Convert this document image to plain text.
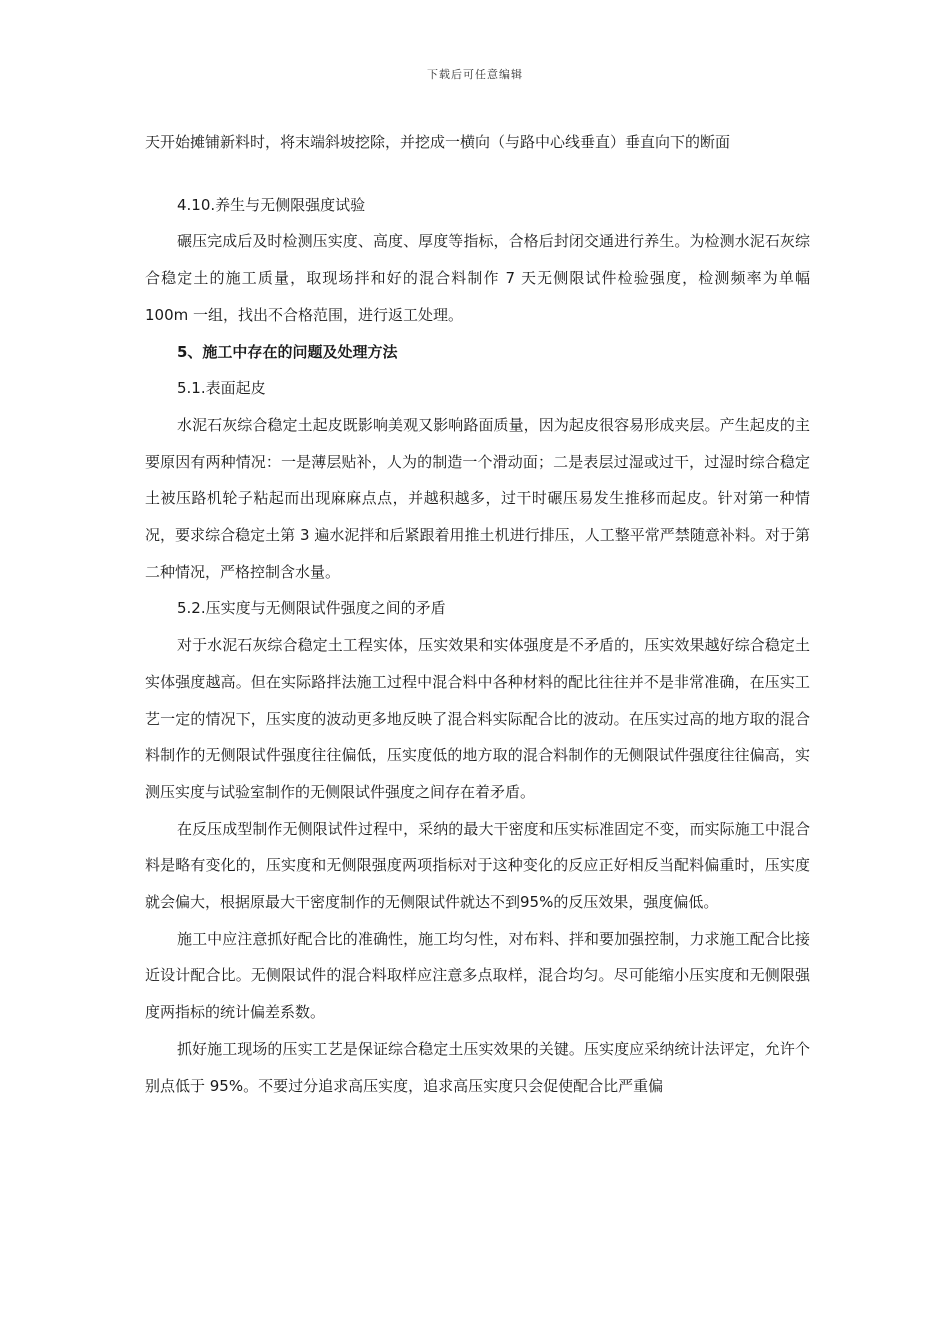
下载后可任意编辑

天开始摊铺新料时，将末端斜坡挖除，并挖成一横向（与路中心线垂直）垂直向下的断面

4.10.养生与无侧限强度试验

碾压完成后及时检测压实度、高度、厚度等指标，合格后封闭交通进行养生。为检测水泥石灰综合稳定土的施工质量，取现场拌和好的混合料制作 7 天无侧限试件检验强度，检测频率为单幅 100m 一组，找出不合格范围，进行返工处理。

5、施工中存在的问题及处理方法

5.1.表面起皮

水泥石灰综合稳定土起皮既影响美观又影响路面质量，因为起皮很容易形成夹层。产生起皮的主要原因有两种情况：一是薄层贴补，人为的制造一个滑动面；二是表层过湿或过干，过湿时综合稳定土被压路机轮子粘起而出现麻麻点点，并越积越多，过干时碾压易发生推移而起皮。针对第一种情况，要求综合稳定土第 3 遍水泥拌和后紧跟着用推土机进行排压，人工整平常严禁随意补料。对于第二种情况，严格控制含水量。

5.2.压实度与无侧限试件强度之间的矛盾

对于水泥石灰综合稳定土工程实体，压实效果和实体强度是不矛盾的，压实效果越好综合稳定土实体强度越高。但在实际路拌法施工过程中混合料中各种材料的配比往往并不是非常准确，在压实工艺一定的情况下，压实度的波动更多地反映了混合料实际配合比的波动。在压实过高的地方取的混合料制作的无侧限试件强度往往偏低，压实度低的地方取的混合料制作的无侧限试件强度往往偏高，实测压实度与试验室制作的无侧限试件强度之间存在着矛盾。

在反压成型制作无侧限试件过程中，采纳的最大干密度和压实标准固定不变，而实际施工中混合料是略有变化的，压实度和无侧限强度两项指标对于这种变化的反应正好相反当配料偏重时，压实度就会偏大，根据原最大干密度制作的无侧限试件就达不到95%的反压效果，强度偏低。

施工中应注意抓好配合比的准确性，施工均匀性，对布料、拌和要加强控制，力求施工配合比接近设计配合比。无侧限试件的混合料取样应注意多点取样，混合均匀。尽可能缩小压实度和无侧限强度两指标的统计偏差系数。

抓好施工现场的压实工艺是保证综合稳定土压实效果的关键。压实度应采纳统计法评定，允许个别点低于 95%。不要过分追求高压实度，追求高压实度只会促使配合比严重偏
